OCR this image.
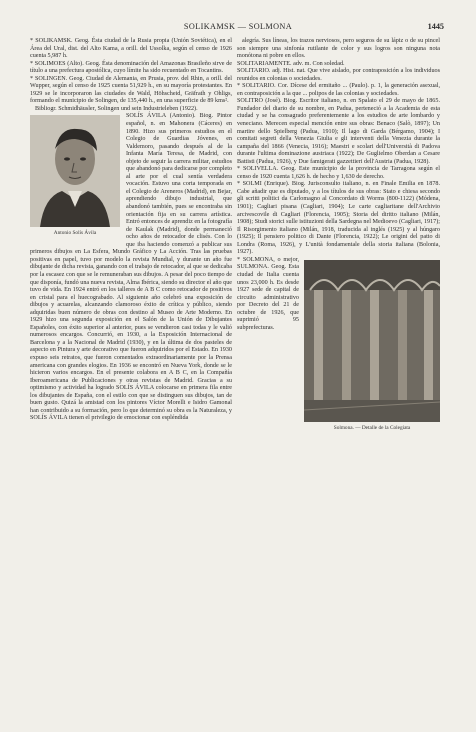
SOLIKAMSK — SOLMONA	1445

* SOLIKAMSK. Geog. Ésta ciudad de la Rusia propia (Unión Soviética), en el Área del Ural, dist. del Alto Kama, a orill. del Ussolka, según el censo de 1926 cuenta 5,987 h.

* SOLIMOES (Alto). Geog. Ésta denominación del Amazonas Brasileño sirve de título a una prefectura apostólica, cuyo límite ha sido recuentado en Tocantins.

* SOLINGEN. Geog. Ciudad de Alemania, en Prusia, prov. del Rhin, a orill. del Wupper, según el censo de 1925 cuenta 51,929 h., en su mayoría protestantes. En 1929 se le incorporaron las ciudades de Wald, Höhscheid, Gräfrath y Ohligs, formando el municipio de Solingen, de 135,440 h., en una superficie de 89 kms².

Bibliogr. Schmidhäusler, Solingen und sein Industrieleben (1922).

Antonio Solís Ávila

SOLÍS ÁVILA (Antonio). Biog. Pintor español, n. en Mahonera (Cáceres) en 1890. Hizo sus primeros estudios en el Colegio de Guardias Jóvenes, en Valdemoro, pasando después al de la Infanta María Teresa, de Madrid, con objeto de seguir la carrera militar, estudios que abandonó para dedicarse por completo al arte por el cual sentía verdadera vocación. Estuvo una corta temporada en el Colegio de Areneros (Madrid), en Bejar, aprendiendo dibujo industrial, que abandonó también, pues se encontraba sin orientación fija en su carrera artística. Entró entonces de aprendiz en la fotografía de Kaulak (Madrid), donde permaneció ocho años de retocador de clisés. Con lo que iba haciendo comenzó a publicar sus primeros dibujos en La Esfera, Mundo Gráfico y La Acción. Tras las pruebas positivas en papel, tuvo por modelo la revista Mundial, y durante un año fue dibujante de dicha revista, ganando con el trabajo de retocador, al que se dedicaba por la escasez con que se le remuneraban sus dibujos. A pesar del poco tiempo de que disponía, fundó una nueva revista, Alma Ibérica, siendo su director el año que tuvo de vida. En 1924 entró en los talleres de A B C como retocador de positivos en cristal para el huecograbado. Al siguiente año celebró una exposición de dibujos y acuarelas, alcanzando clamoroso éxito de crítica y público, siendo adquiridas buen número de obras con destino al Museo de Arte Moderno. En 1929 hizo una segunda exposición en el Salón de la Unión de Dibujantes Españoles, con éxito superior al anterior, pues se vendieron casi todas y le valió numerosos encargos. Concurrió, en 1930, a la Exposición Internacional de Barcelona y a la Nacional de Madrid (1930), y en la última de dos pasteles de aspecto en Pintura y arte decorativo que fueron adquiridos por el Estado. En 1930 expuso seis retratos, que fueron comentados extraordinariamente por la Prensa americana con grandes elogios. En 1936 se encontró en Nueva York, donde se le hicieron varios encargos. En el presente colabora en A B C, en la Compañía Iberoamericana de Publicaciones y otras revistas de Madrid. Gracias a su optimismo y actividad ha logrado SOLÍS ÁVILA colocarse en primera fila entre los dibujantes de España, con el estilo con que se distinguen sus dibujos, tan de buen gusto. Quizá la amistad con los pintores Víctor Morelli e Isidro Gamonal han contribuido a su formación, pero lo que determinó su obra es la Naturaleza, y SOLÍS ÁVILA tienen el privilegio de emocionar con espléndida

alegría. Sus líneas, los trazos nerviosos, pero seguros de su lápiz o de su pincel son siempre una sinfonía rutilante de color y sus logros son ninguna nota monótona ni pobre en ellos.

SOLITARIAMENTE. adv. m. Con soledad.

SOLITARIO. adj. Hist. nat. Que vive aislado, por contraposición a los individuos reunidos en colonias o sociedades.

* SOLITARIO. Cor. Dícese del ermitaño ... (Paulo). p. 1, la generación asexual, en contraposición a la que ... polipos de las colonias y sociedades.

SOLITRO (José). Biog. Escritor italiano, n. en Spalato el 29 de mayo de 1865. Fundador del diario de su nombre, en Padua, perteneció a la Academia de esta ciudad y se ha consagrado preferentemente a los estudios de arte lombardo y veneciano. Merecen especial mención entre sus obras: Benaco (Salò, 1897); Un martire dello Spielberg (Padua, 1910); Il lago di Garda (Bérgamo, 1904); I comitati segreti della Venezia Giulia e gli interventi della Venezia durante la campaña del 1866 (Venecia, 1916); Maestri e scolari dell'Università di Padova durante l'ultima dominazione austriaca (1922); De Guglielmo Oberdan a Cesare Battisti (Padua, 1926), y Due famigerati gazzettieri dell'Austria (Padua, 1928).

* SOLIVELLA. Geog. Este municipio de la provincia de Tarragona según el censo de 1920 cuenta 1,626 h. de hecho y 1,630 de derecho.

* SOLMI (Enrique). Biog. Jurisconsulto italiano, n. en Finale Emilia en 1878. Cabe añadir que es diputado, y a los títulos de sus obras: Stato e chiesa secondo gli scritti politici da Carlomagno al Concordato di Worms (800-1122) (Módena, 1901); Cagliari pisana (Cagliari, 1904); Le carte cagliaritane dell'Archivio arcivescovile di Cagliari (Florencia, 1905); Storia del diritto italiano (Milán, 1908); Studi storici sulle istituzioni della Sardegna nel Medioevo (Cagliari, 1917); Il Risorgimento italiano (Milán, 1918, traducida al inglés (1925) y al húngaro (1925); Il pensiero politico di Dante (Florencia, 1922); Le origini del patto di Londra (Roma, 1926), y L'unità fondamentale della storia italiana (Bolonia, 1927).

Solmona. — Detalle de la Colegiata

* SOLMONA, o mejor, SULMONA. Geog. Esta ciudad de Italia cuenta unos 23,000 h. Es desde 1927 sede de capital de circuito administrativo por Decreto del 21 de octubre de 1926, que suprimió 95 subprefecturas.
